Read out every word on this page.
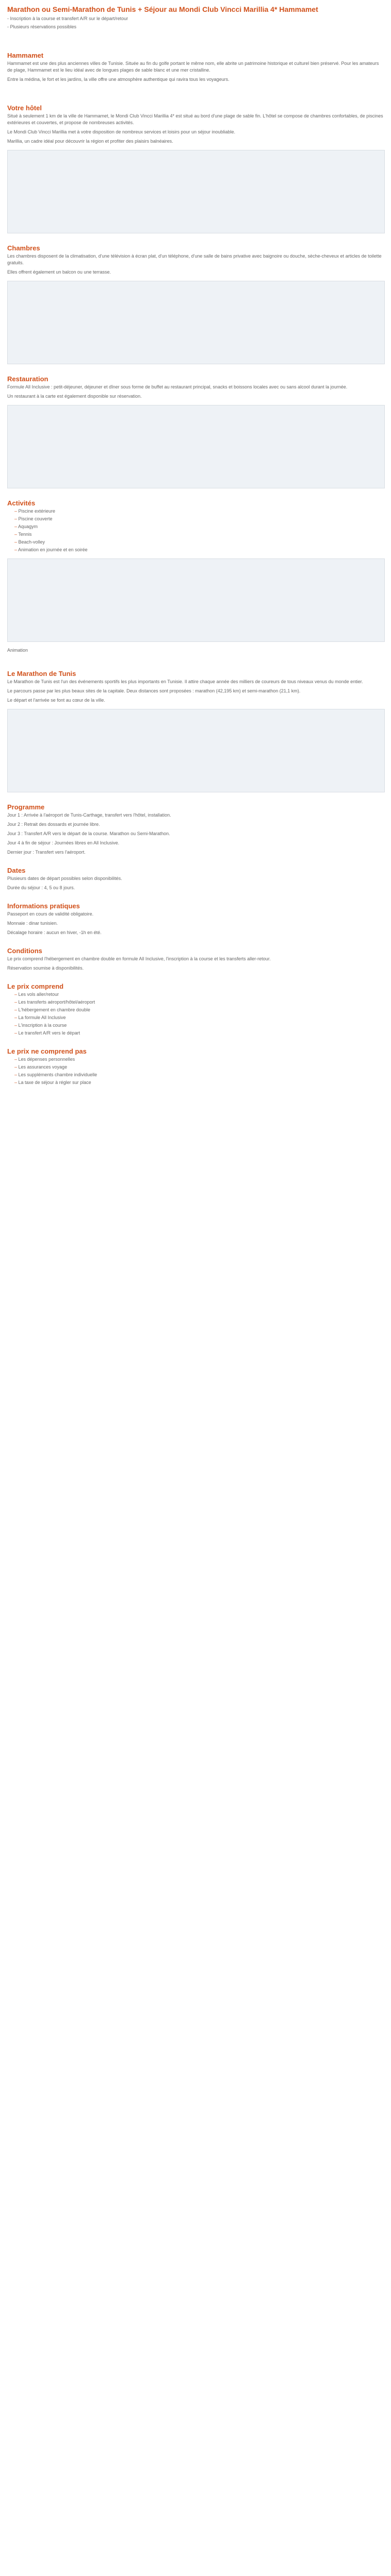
Marathon ou Semi-Marathon de Tunis + Séjour au Mondi Club Vincci Marillia 4* Hammamet

- Inscription à la course et transfert A/R sur le départ/retour

- Plusieurs réservations possibles

Hammamet

Hammamet est une des plus anciennes villes de Tunisie. Située au fin du golfe portant le même nom, elle abrite un patrimoine historique et culturel bien préservé. Pour les amateurs de plage, Hammamet est le lieu idéal avec de longues plages de sable blanc et une mer cristalline.

Entre la médina, le fort et les jardins, la ville offre une atmosphère authentique qui ravira tous les voyageurs.

Votre hôtel

Situé à seulement 1 km de la ville de Hammamet, le Mondi Club Vincci Marillia 4* est situé au bord d'une plage de sable fin. L'hôtel se compose de chambres confortables, de piscines extérieures et couvertes, et propose de nombreuses activités.

Le Mondi Club Vincci Marillia met à votre disposition de nombreux services et loisirs pour un séjour inoubliable.

Marillia, un cadre idéal pour découvrir la région et profiter des plaisirs balnéaires.

Chambres

Les chambres disposent de la climatisation, d'une télévision à écran plat, d'un téléphone, d'une salle de bains privative avec baignoire ou douche, sèche-cheveux et articles de toilette gratuits.

Elles offrent également un balcon ou une terrasse.

Restauration

Formule All Inclusive : petit-déjeuner, déjeuner et dîner sous forme de buffet au restaurant principal, snacks et boissons locales avec ou sans alcool durant la journée.

Un restaurant à la carte est également disponible sur réservation.

Activités
– Piscine extérieure
– Piscine couverte
– Aquagym
– Tennis
– Beach-volley
– Animation en journée et en soirée
Animation
Le Marathon de Tunis

Le Marathon de Tunis est l'un des événements sportifs les plus importants en Tunisie. Il attire chaque année des milliers de coureurs de tous niveaux venus du monde entier.

Le parcours passe par les plus beaux sites de la capitale. Deux distances sont proposées : marathon (42,195 km) et semi-marathon (21,1 km).

Le départ et l'arrivée se font au cœur de la ville.

Programme

Jour 1 : Arrivée à l'aéroport de Tunis-Carthage, transfert vers l'hôtel, installation.

Jour 2 : Retrait des dossards et journée libre.

Jour 3 : Transfert A/R vers le départ de la course. Marathon ou Semi-Marathon.

Jour 4 à fin de séjour : Journées libres en All Inclusive.

Dernier jour : Transfert vers l'aéroport.

Dates

Plusieurs dates de départ possibles selon disponibilités.

Durée du séjour : 4, 5 ou 8 jours.

Informations pratiques

Passeport en cours de validité obligatoire.

Monnaie : dinar tunisien.

Décalage horaire : aucun en hiver, -1h en été.

Conditions

Le prix comprend l'hébergement en chambre double en formule All Inclusive, l'inscription à la course et les transferts aller-retour.

Réservation soumise à disponibilités.

Le prix comprend
– Les vols aller/retour
– Les transferts aéroport/hôtel/aéroport
– L'hébergement en chambre double
– La formule All Inclusive
– L'inscription à la course
– Le transfert A/R vers le départ
Le prix ne comprend pas
– Les dépenses personnelles
– Les assurances voyage
– Les suppléments chambre individuelle
– La taxe de séjour à régler sur place
